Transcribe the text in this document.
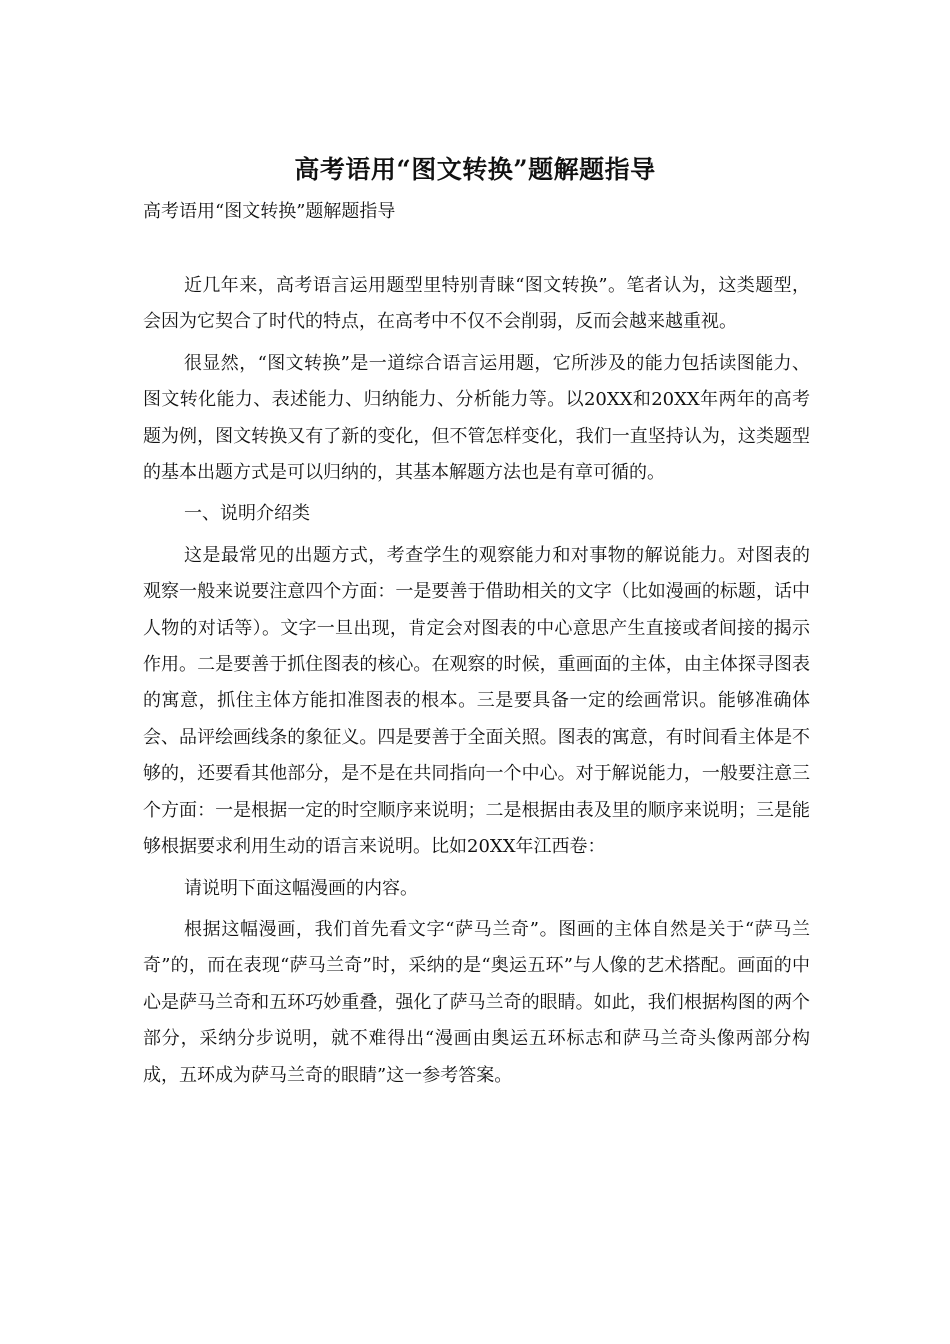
高考语用“图文转换”题解题指导
高考语用“图文转换”题解题指导

近几年来，高考语言运用题型里特别青睐“图文转换”。笔者认为，这类题型，会因为它契合了时代的特点，在高考中不仅不会削弱，反而会越来越重视。

很显然，“图文转换”是一道综合语言运用题，它所涉及的能力包括读图能力、图文转化能力、表述能力、归纳能力、分析能力等。以20XX和20XX年两年的高考题为例，图文转换又有了新的变化，但不管怎样变化，我们一直坚持认为，这类题型的基本出题方式是可以归纳的，其基本解题方法也是有章可循的。

一、说明介绍类

这是最常见的出题方式，考查学生的观察能力和对事物的解说能力。对图表的观察一般来说要注意四个方面：一是要善于借助相关的文字（比如漫画的标题，话中人物的对话等）。文字一旦出现，肯定会对图表的中心意思产生直接或者间接的揭示作用。二是要善于抓住图表的核心。在观察的时候，重画面的主体，由主体探寻图表的寓意，抓住主体方能扣准图表的根本。三是要具备一定的绘画常识。能够准确体会、品评绘画线条的象征义。四是要善于全面关照。图表的寓意，有时间看主体是不够的，还要看其他部分，是不是在共同指向一个中心。对于解说能力，一般要注意三个方面：一是根据一定的时空顺序来说明；二是根据由表及里的顺序来说明；三是能够根据要求利用生动的语言来说明。比如20XX年江西卷：

请说明下面这幅漫画的内容。

根据这幅漫画，我们首先看文字“萨马兰奇”。图画的主体自然是关于“萨马兰奇”的，而在表现“萨马兰奇”时，采纳的是“奥运五环”与人像的艺术搭配。画面的中心是萨马兰奇和五环巧妙重叠，强化了萨马兰奇的眼睛。如此，我们根据构图的两个部分，采纳分步说明，就不难得出“漫画由奥运五环标志和萨马兰奇头像两部分构成，五环成为萨马兰奇的眼睛”这一参考答案。
